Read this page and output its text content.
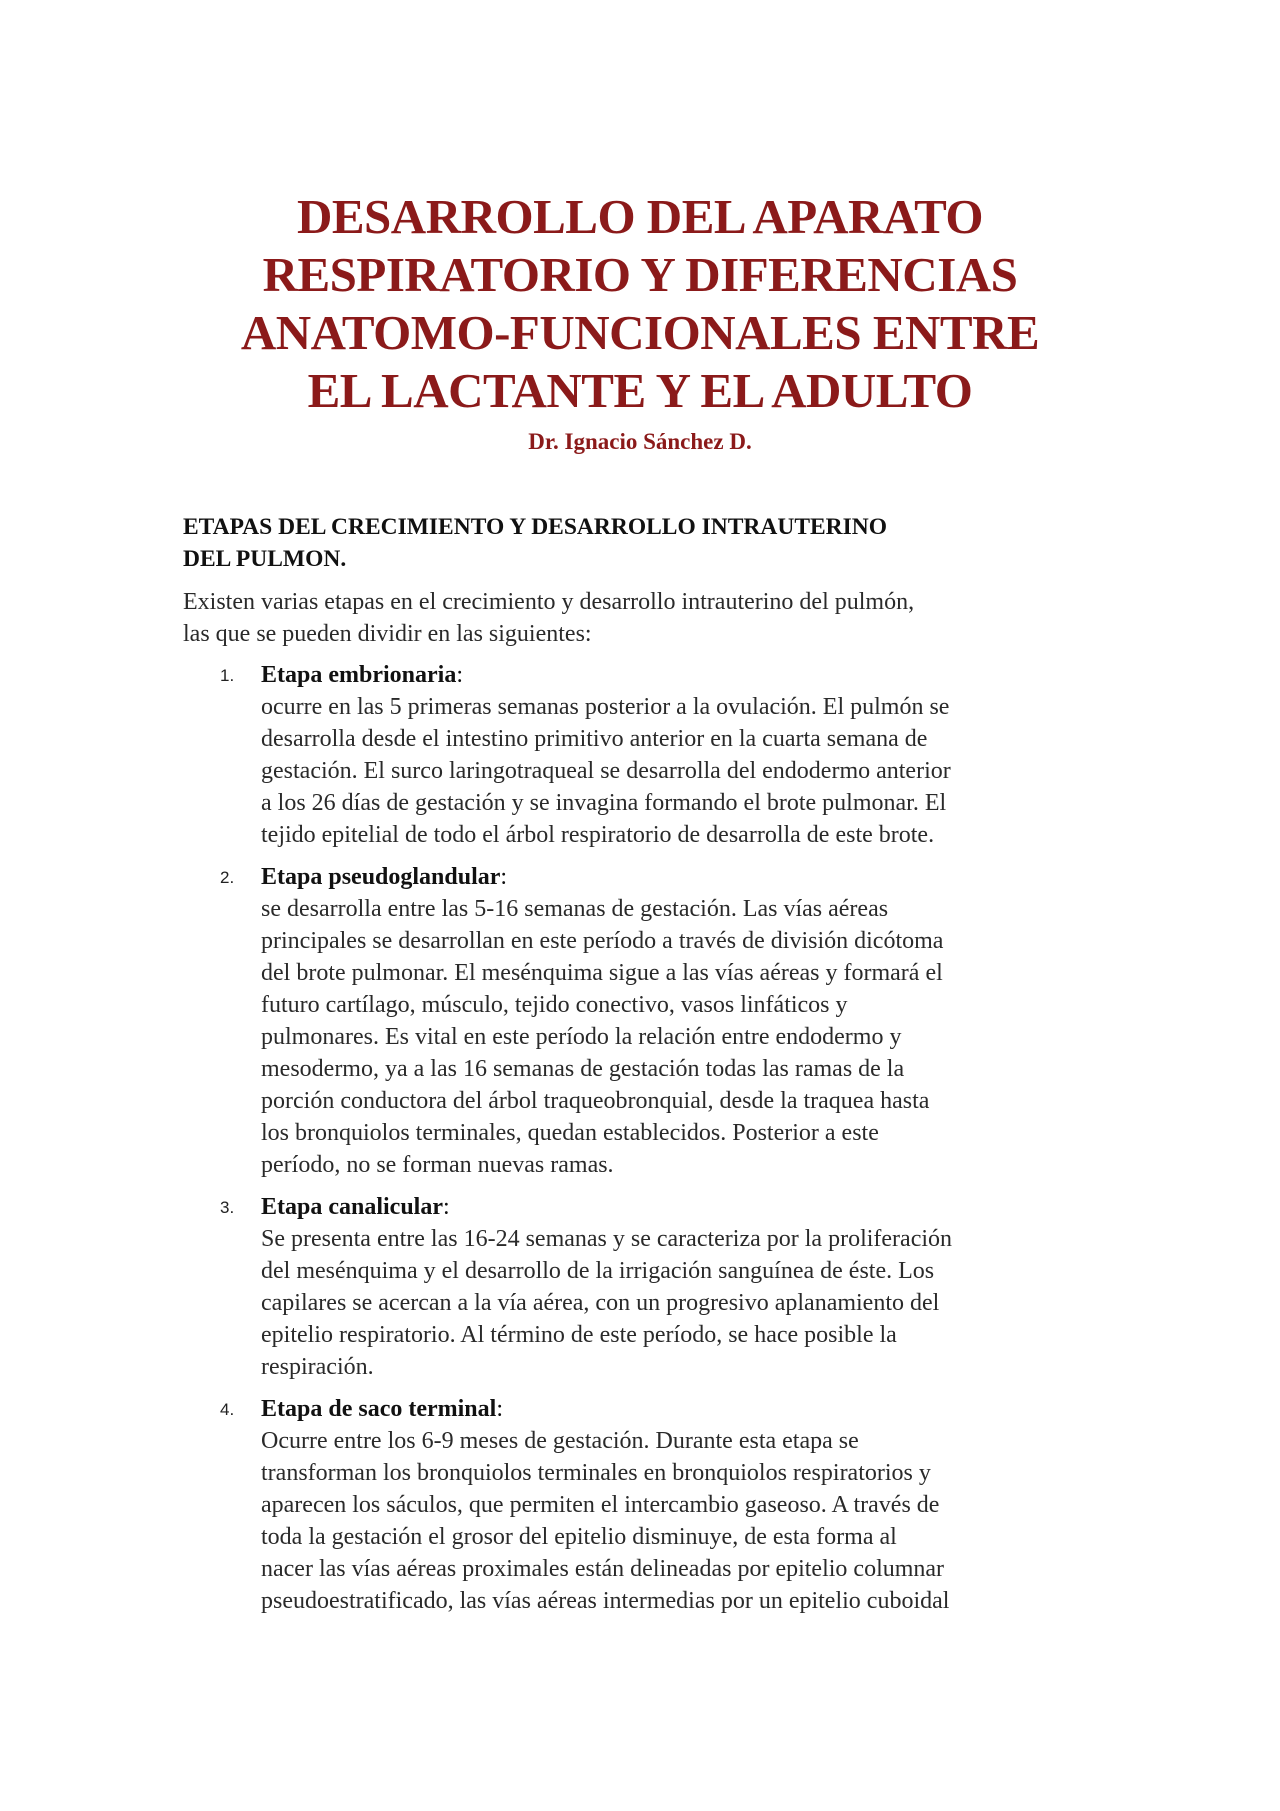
DESARROLLO DEL APARATO
RESPIRATORIO Y DIFERENCIAS
ANATOMO-FUNCIONALES ENTRE
EL LACTANTE Y EL ADULTO

Dr. Ignacio Sánchez D.

ETAPAS DEL CRECIMIENTO Y DESARROLLO INTRAUTERINO
DEL PULMON.

Existen varias etapas en el crecimiento y desarrollo intrauterino del pulmón,
las que se pueden dividir en las siguientes:

1. Etapa embrionaria:
ocurre en las 5 primeras semanas posterior a la ovulación. El pulmón se
desarrolla desde el intestino primitivo anterior en la cuarta semana de
gestación. El surco laringotraqueal se desarrolla del endodermo anterior
a los 26 días de gestación y se invagina formando el brote pulmonar. El
tejido epitelial de todo el árbol respiratorio de desarrolla de este brote.
2. Etapa pseudoglandular:
se desarrolla entre las 5-16 semanas de gestación. Las vías aéreas
principales se desarrollan en este período a través de división dicótoma
del brote pulmonar. El mesénquima sigue a las vías aéreas y formará el
futuro cartílago, músculo, tejido conectivo, vasos linfáticos y
pulmonares. Es vital en este período la relación entre endodermo y
mesodermo, ya a las 16 semanas de gestación todas las ramas de la
porción conductora del árbol traqueobronquial, desde la traquea hasta
los bronquiolos terminales, quedan establecidos. Posterior a este
período, no se forman nuevas ramas.
3. Etapa canalicular:
Se presenta entre las 16-24 semanas y se caracteriza por la proliferación
del mesénquima y el desarrollo de la irrigación sanguínea de éste. Los
capilares se acercan a la vía aérea, con un progresivo aplanamiento del
epitelio respiratorio. Al término de este período, se hace posible la
respiración.
4. Etapa de saco terminal:
Ocurre entre los 6-9 meses de gestación. Durante esta etapa se
transforman los bronquiolos terminales en bronquiolos respiratorios y
aparecen los sáculos, que permiten el intercambio gaseoso. A través de
toda la gestación el grosor del epitelio disminuye, de esta forma al
nacer las vías aéreas proximales están delineadas por epitelio columnar
pseudoestratificado, las vías aéreas intermedias por un epitelio cuboidal
